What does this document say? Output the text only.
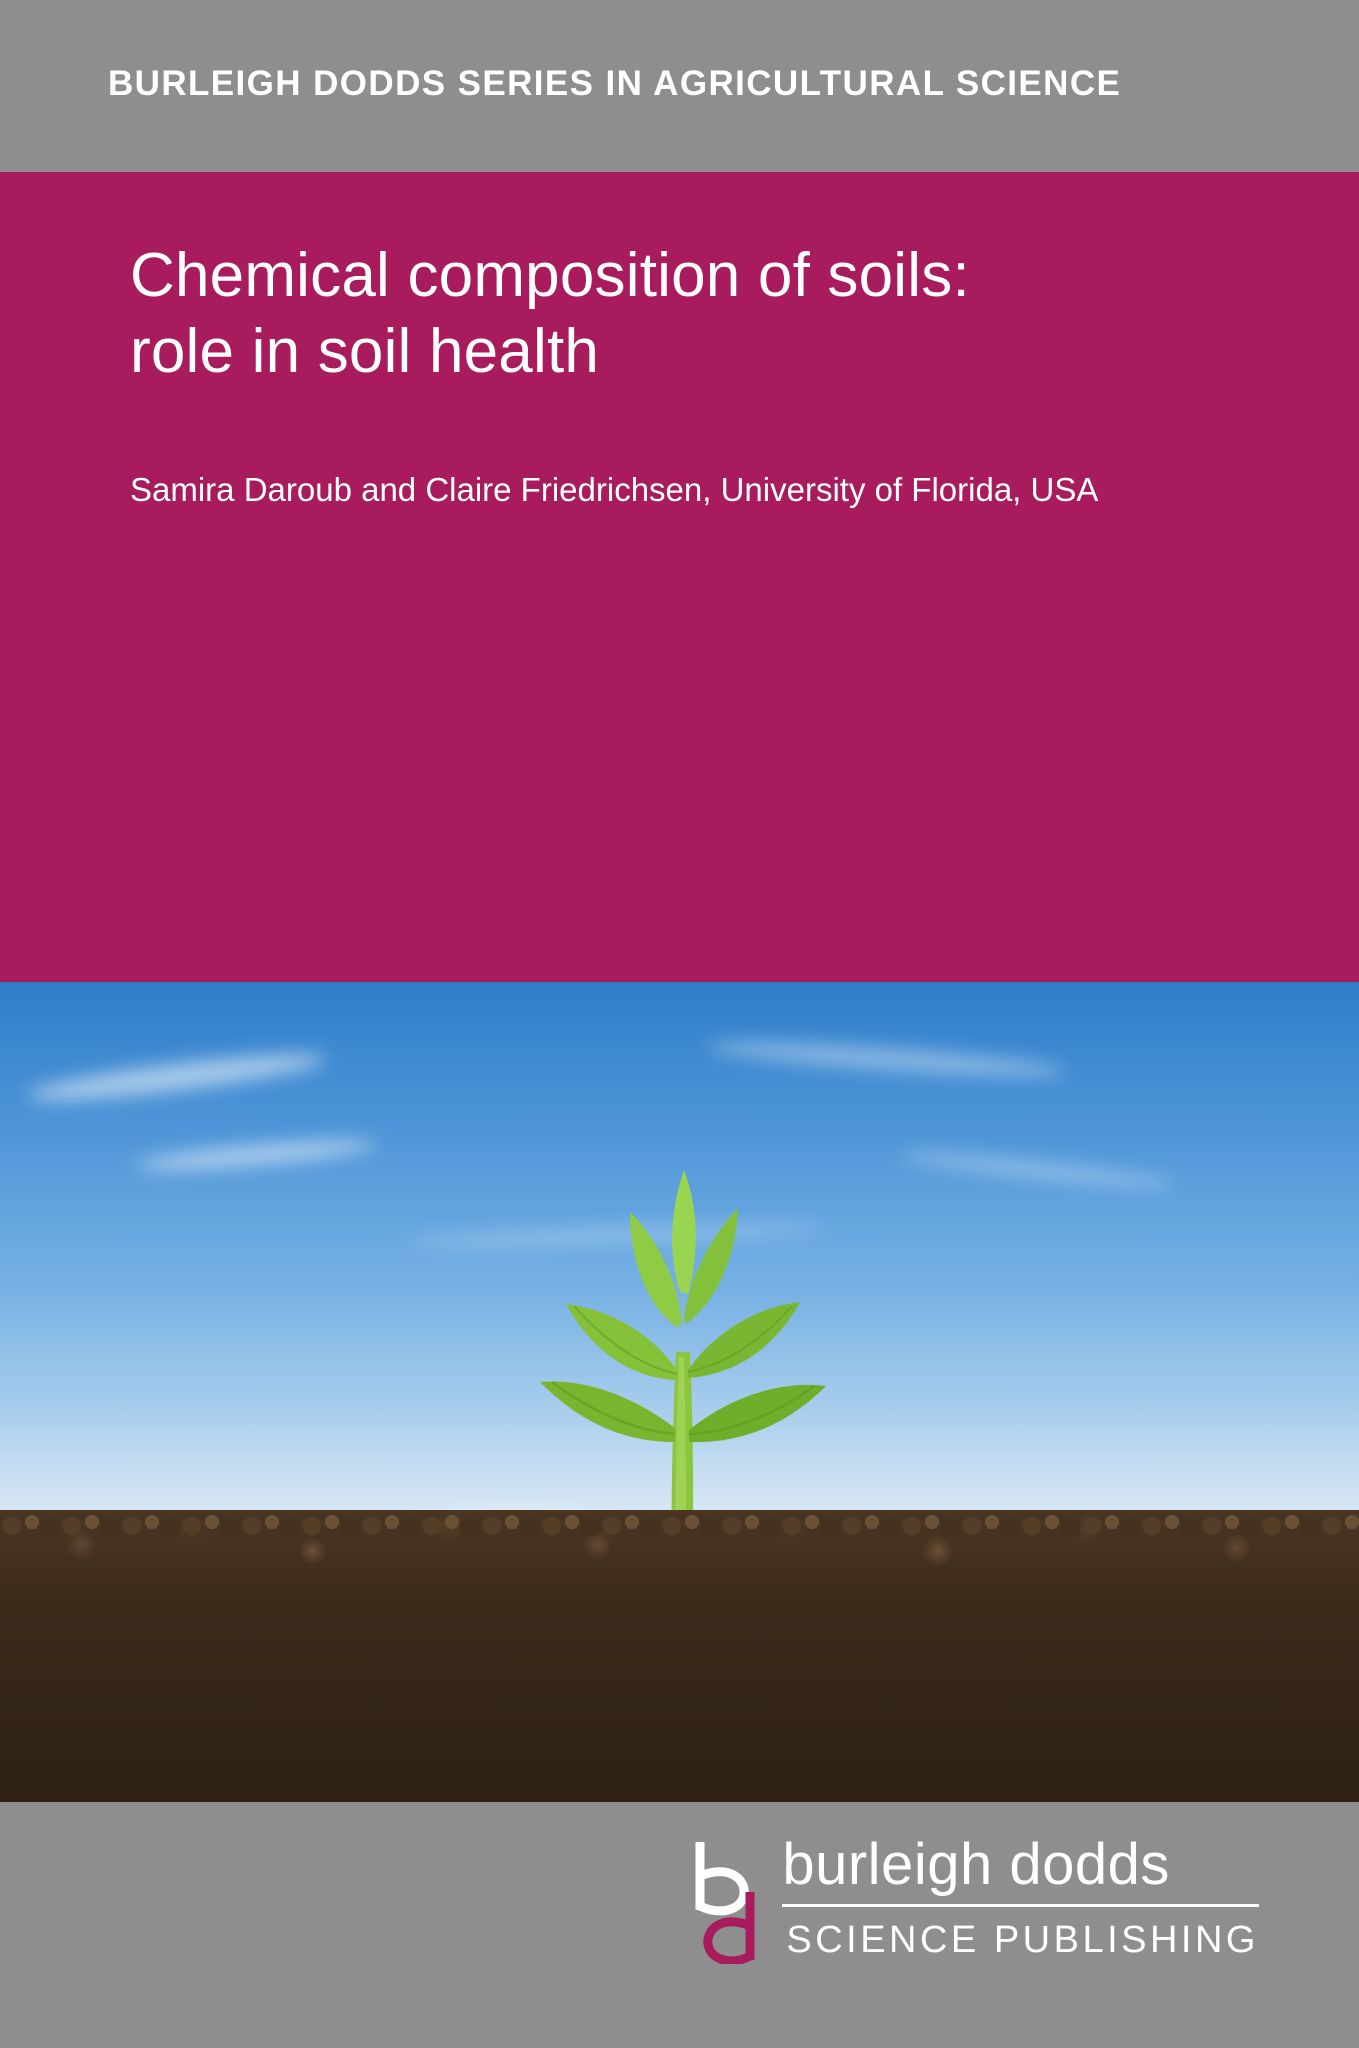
BURLEIGH DODDS SERIES IN AGRICULTURAL SCIENCE
Chemical composition of soils:
role in soil health

Samira Daroub and Claire Friedrichsen, University of Florida, USA

burleigh dodds
SCIENCE PUBLISHING
